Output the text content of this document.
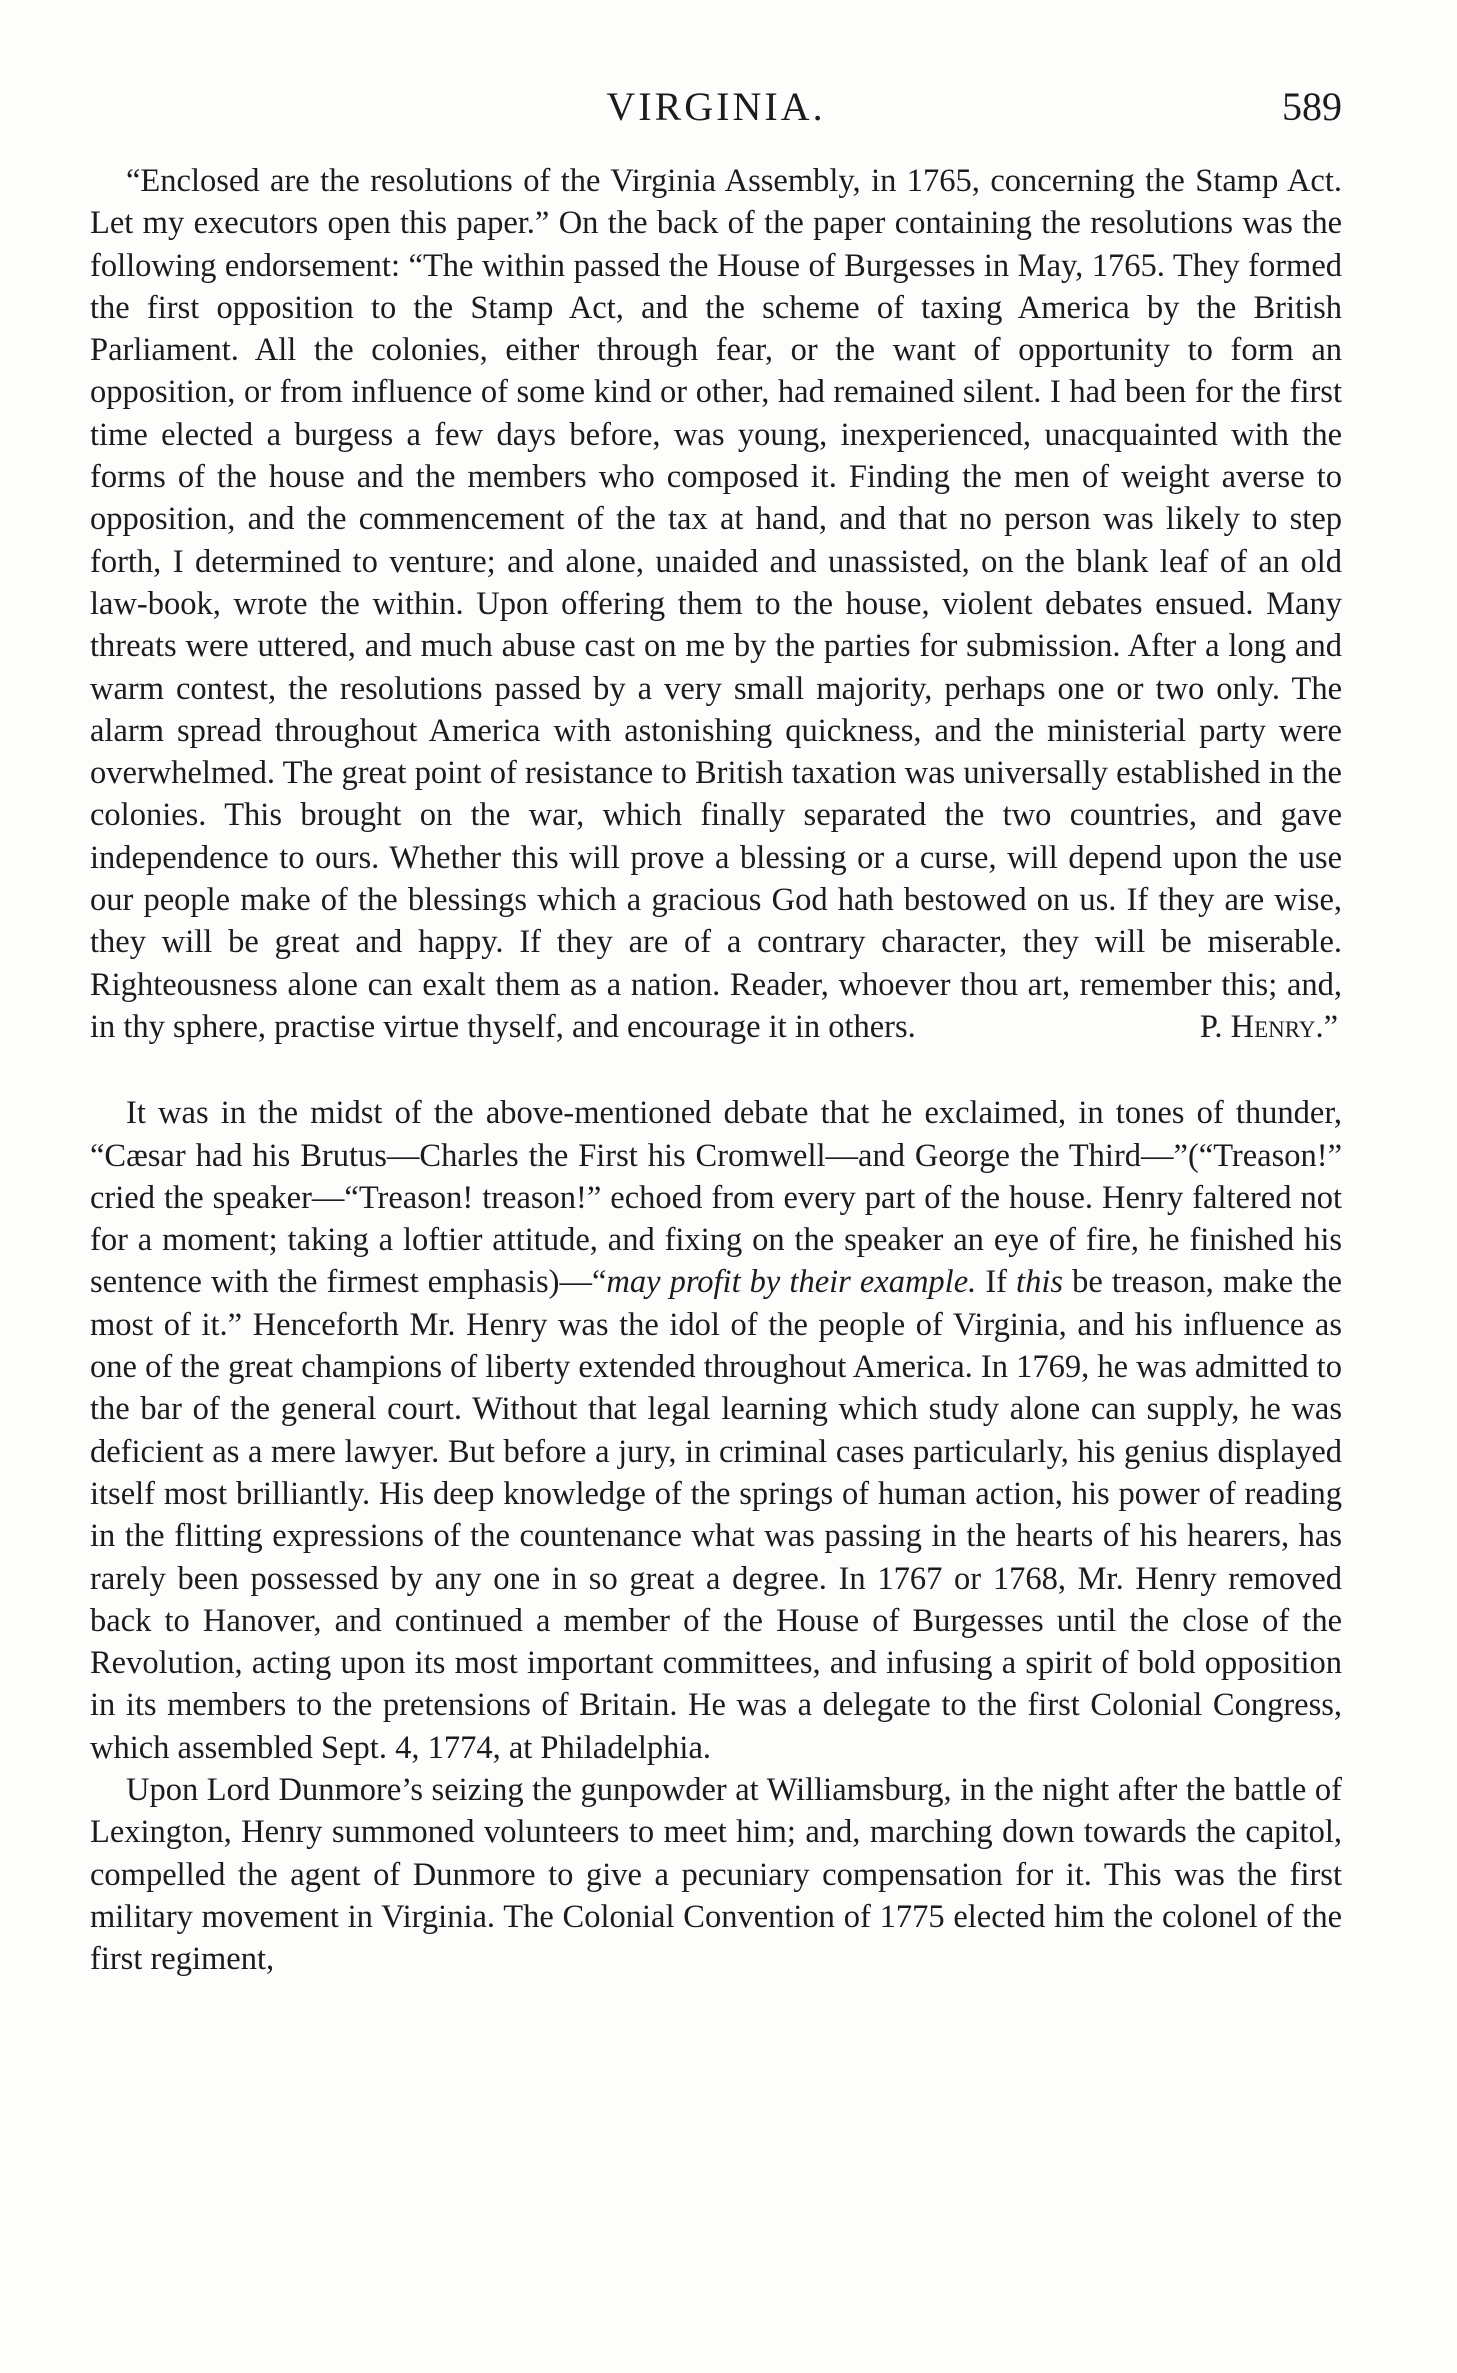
VIRGINIA.	589

“Enclosed are the resolutions of the Virginia Assembly, in 1765, concerning the Stamp Act. Let my executors open this paper.” On the back of the paper containing the resolutions was the following endorsement: “The within passed the House of Burgesses in May, 1765. They formed the first opposition to the Stamp Act, and the scheme of taxing America by the British Parliament. All the colonies, either through fear, or the want of opportunity to form an opposition, or from influence of some kind or other, had remained silent. I had been for the first time elected a burgess a few days before, was young, inexperienced, unacquainted with the forms of the house and the members who composed it. Finding the men of weight averse to opposition, and the commencement of the tax at hand, and that no person was likely to step forth, I determined to venture; and alone, unaided and unassisted, on the blank leaf of an old law-book, wrote the within. Upon offering them to the house, violent debates ensued. Many threats were uttered, and much abuse cast on me by the parties for submission. After a long and warm contest, the resolutions passed by a very small majority, perhaps one or two only. The alarm spread throughout America with astonishing quickness, and the ministerial party were overwhelmed. The great point of resistance to British taxation was universally established in the colonies. This brought on the war, which finally separated the two countries, and gave independence to ours. Whether this will prove a blessing or a curse, will depend upon the use our people make of the blessings which a gracious God hath bestowed on us. If they are wise, they will be great and happy. If they are of a contrary character, they will be miserable. Righteousness alone can exalt them as a nation. Reader, whoever thou art, remember this; and, in thy sphere, practise virtue thyself, and encourage it in others.	P. Henry.”

It was in the midst of the above-mentioned debate that he exclaimed, in tones of thunder, “Cæsar had his Brutus—Charles the First his Cromwell—and George the Third—”(“Treason!” cried the speaker—“Treason! treason!” echoed from every part of the house. Henry faltered not for a moment; taking a loftier attitude, and fixing on the speaker an eye of fire, he finished his sentence with the firmest emphasis)—“may profit by their example. If this be treason, make the most of it.” Henceforth Mr. Henry was the idol of the people of Virginia, and his influence as one of the great champions of liberty extended throughout America. In 1769, he was admitted to the bar of the general court. Without that legal learning which study alone can supply, he was deficient as a mere lawyer. But before a jury, in criminal cases particularly, his genius displayed itself most brilliantly. His deep knowledge of the springs of human action, his power of reading in the flitting expressions of the countenance what was passing in the hearts of his hearers, has rarely been possessed by any one in so great a degree. In 1767 or 1768, Mr. Henry removed back to Hanover, and continued a member of the House of Burgesses until the close of the Revolution, acting upon its most important committees, and infusing a spirit of bold opposition in its members to the pretensions of Britain. He was a delegate to the first Colonial Congress, which assembled Sept. 4, 1774, at Philadelphia.

Upon Lord Dunmore’s seizing the gunpowder at Williamsburg, in the night after the battle of Lexington, Henry summoned volunteers to meet him; and, marching down towards the capitol, compelled the agent of Dunmore to give a pecuniary compensation for it. This was the first military movement in Virginia. The Colonial Convention of 1775 elected him the colonel of the first regiment,
